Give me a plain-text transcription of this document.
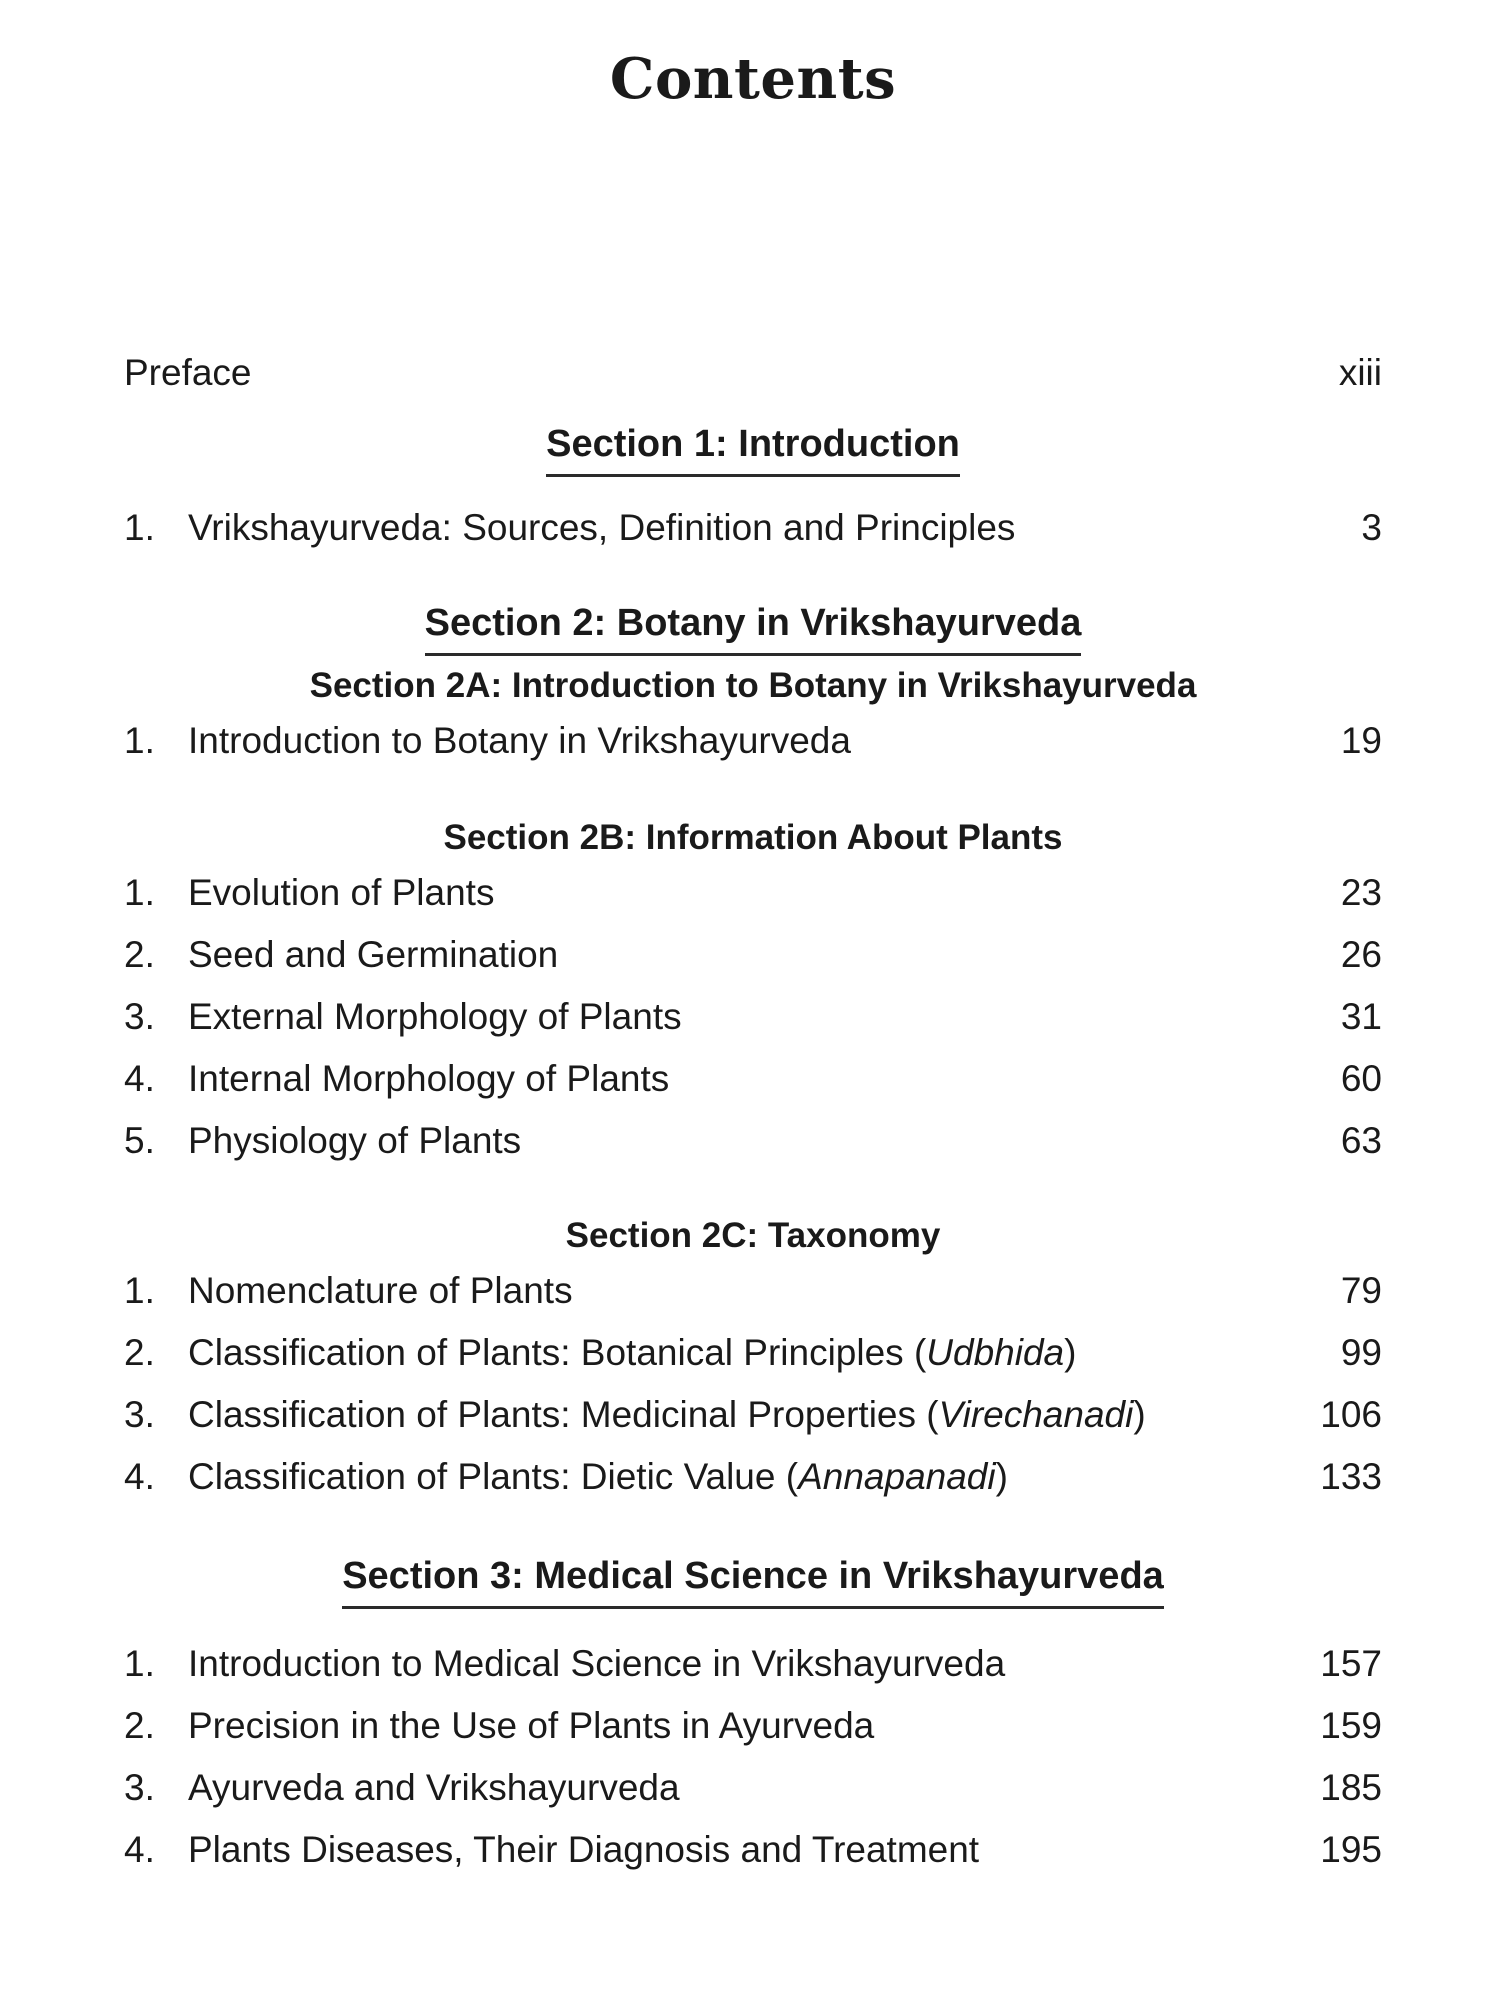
Contents
Preface	xiii
Section 1: Introduction
1. Vrikshayurveda: Sources, Definition and Principles	3
Section 2: Botany in Vrikshayurveda
Section 2A: Introduction to Botany in Vrikshayurveda
1. Introduction to Botany in Vrikshayurveda	19
Section 2B: Information About Plants
1. Evolution of Plants	23
2. Seed and Germination	26
3. External Morphology of Plants	31
4. Internal Morphology of Plants	60
5. Physiology of Plants	63
Section 2C: Taxonomy
1. Nomenclature of Plants	79
2. Classification of Plants: Botanical Principles (Udbhida)	99
3. Classification of Plants: Medicinal Properties (Virechanadi)	106
4. Classification of Plants: Dietic Value (Annapanadi)	133
Section 3: Medical Science in Vrikshayurveda
1. Introduction to Medical Science in Vrikshayurveda	157
2. Precision in the Use of Plants in Ayurveda	159
3. Ayurveda and Vrikshayurveda	185
4. Plants Diseases, Their Diagnosis and Treatment	195
